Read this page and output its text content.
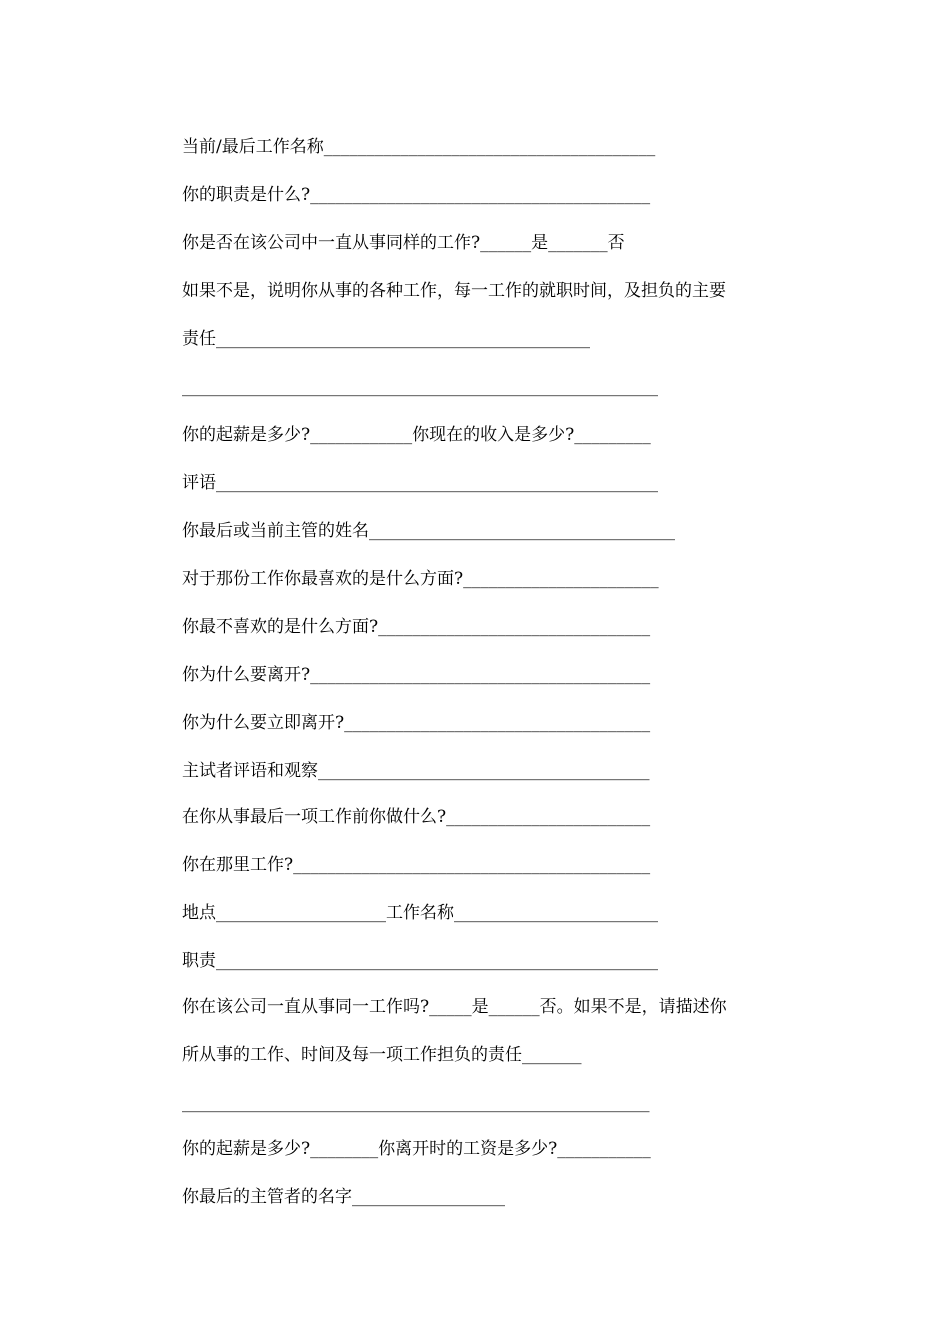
当前/最后工作名称_______________________________________
你的职责是什么?________________________________________
你是否在该公司中一直从事同样的工作?______是_______否
如果不是，说明你从事的各种工作，每一工作的就职时间，及担负的主要
责任____________________________________________
________________________________________________________
你的起薪是多少?____________你现在的收入是多少?_________
评语____________________________________________________
你最后或当前主管的姓名____________________________________
对于那份工作你最喜欢的是什么方面?_______________________
你最不喜欢的是什么方面?________________________________
你为什么要离开?________________________________________
你为什么要立即离开?____________________________________
主试者评语和观察_______________________________________
在你从事最后一项工作前你做什么?________________________
你在那里工作?__________________________________________
地点____________________工作名称________________________
职责____________________________________________________
你在该公司一直从事同一工作吗?_____是______否。如果不是，请描述你
所从事的工作、时间及每一项工作担负的责任_______
_______________________________________________________
你的起薪是多少?________你离开时的工资是多少?___________
你最后的主管者的名字__________________
